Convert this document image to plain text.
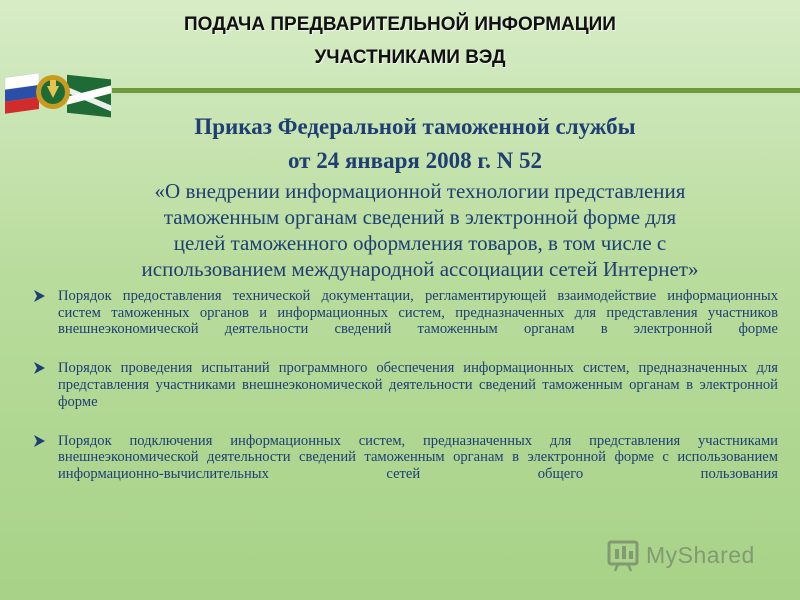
ПОДАЧА ПРЕДВАРИТЕЛЬНОЙ ИНФОРМАЦИИ
УЧАСТНИКАМИ ВЭД
Приказ Федеральной таможенной службы
от 24 января 2008 г. N 52
«О внедрении информационной технологии представления
таможенным органам сведений в электронной форме для
целей таможенного оформления товаров, в том числе с
использованием международной ассоциации сетей Интернет»
Порядок предоставления технической документации, регламентирующей взаимодействие информационных систем таможенных органов и информационных систем, предназначенных для представления участников внешнеэкономической деятельности сведений таможенным органам в электронной форме
Порядок проведения испытаний программного обеспечения информационных систем, предназначенных для представления участниками внешнеэкономической деятельности сведений таможенным органам в электронной форме
Порядок подключения информационных систем, предназначенных для представления участниками внешнеэкономической деятельности сведений таможенным органам в электронной форме с использованием информационно-вычислительных сетей общего пользования
MyShared
